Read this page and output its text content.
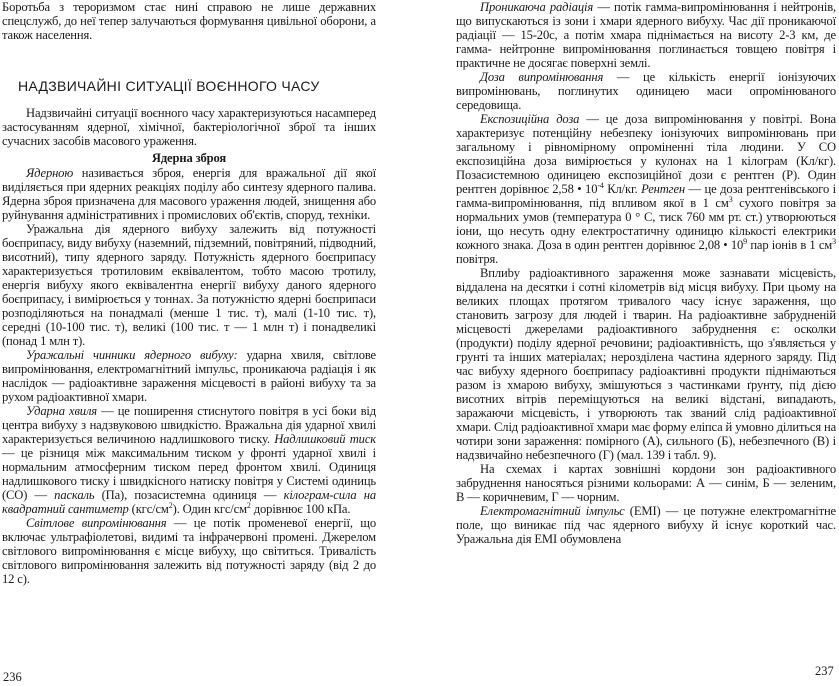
Боротьба з тероризмом стає нині справою не лише державних спецслужб, до неї тепер залучаються формування цивільної оборони, а також населення.

НАДЗВИЧАЙНІ СИТУАЦІЇ ВОЄННОГО ЧАСУ

Надзвичайні ситуації воєнного часу характеризуються насамперед застосуванням ядерної, хімічної, бактеріологічної зброї та інших сучасних засобів масового ураження.

Ядерна зброя

Ядерною називається зброя, енергія для вражальної дії якої виділяється при ядерних реакціях поділу або синтезу ядерного палива. Ядерна зброя призначена для масового ураження людей, знищення або руйнування адміністративних і промислових об'єктів, споруд, техніки.

Уражальна дія ядерного вибуху залежить від потужності боєприпасу, виду вибуху (наземний, підземний, повітряний, підводний, висотний), типу ядерного заряду. Потужність ядерного боєприпасу характеризується тротиловим еквівалентом, тобто масою тротилу, енергія вибуху якого еквівалентна енергії вибуху даного ядерного боєприпасу, і вимірюється у тоннах. За потужністю ядерні боєприпаси розподіляються на понадмалі (менше 1 тис. т), малі (1-10 тис. т), середні (10-100 тис. т), великі (100 тис. т — 1 млн т) і понадвеликі (понад 1 млн т).

Уражальні чинники ядерного вибуху: ударна хвиля, світлове випромінювання, електромагнітний імпульс, проникаюча радіація і як наслідок — радіоактивне зараження місцевості в районі вибуху та за рухом радіоактивної хмари.

Ударна хвиля — це поширення стиснутого повітря в усі боки від центра вибуху з надзвуковою швидкістю. Вражальна дія ударної хвилі характеризується величиною надлишкового тиску. Надлишковий тиск — це різниця між максимальним тиском у фронті ударної хвилі і нормальним атмосферним тиском перед фронтом хвилі. Одиниця надлишкового тиску і швидкісного натиску повітря у Системі одиниць (СО) — паскаль (Па), позасистемна одиниця — кілограм-сила на квадратний сантиметр $(кгс/см^2)$. Один кгс/$см^2$ дорівнює 100 кПа.

Світлове випромінювання — це потік променевої енергії, що включає ультрафіолетові, видимі та інфрачервоні промені. Джерелом світлового випромінювання є місце вибуху, що світиться. Тривалість світлового випромінювання залежить від потужності заряду (від 2 до 12 с).

Проникаюча радіація — потік гамма-випромінювання і нейтронів, що випускаються із зони і хмари ядерного вибуху. Час дії проникаючої радіації — 15-20с, а потім хмара піднімається на висоту 2-3 км, де гамма- нейтронне випромінювання поглинається товщею повітря і практичне не досягає поверхні землі.

Доза випромінювання — це кількість енергії іонізуючих випромінювань, поглинутих одиницею маси опромінюваного середовища.

Експозиційна доза — це доза випромінювання у повітрі. Вона характеризує потенційну небезпеку іонізуючих випромінювань при загальному і рівномірному опроміненні тіла людини. У СО експозиційна доза вимірюється у кулонах на 1 кілограм (Кл/кг). Позасистемною одиницею експозиційної дози є рентген (Р). Один рентген дорівнює 2,58 • $10^{-4}$ Кл/кг. Рентген — це доза рентгенівського і гамма-випромінювання, під впливом якої в 1 $см^3$ сухого повітря за нормальних умов (температура 0 ° С, тиск 760 мм рт. ст.) утворюються іони, що несуть одну електростатичну одиницю кількості електрики кожного знака. Доза в один рентген дорівнює 2,08 • $10^9$ пар іонів в 1 $см^3$ повітря.

Вплиbу радіоактивного зараження може зазнавати місцевість, віддалена на десятки і сотні кілометрів від місця вибуху. При цьому на великих площах протягом тривалого часу існує зараження, що становить загрозу для людей і тварин. На радіоактивне забрудненій місцевості джерелами радіоактивного забруднення є: осколки (продукти) поділу ядерної речовини; радіоактивність, що з'являється у грунті та інших матеріалах; нерозділена частина ядерного заряду. Під час вибуху ядерного боєприпасу радіоактивні продукти піднімаються разом із хмарою вибуху, змішуються з частинками ґрунту, під дією висотних вітрів переміщуються на великі відстані, випадають, заражаючи місцевість, і утворюють так званий слід радіоактивної хмари. Слід радіоактивної хмари має форму еліпса й умовно ділиться на чотири зони зараження: помірного (А), сильного (Б), небезпечного (В) і надзвичайно небезпечного (Г) (мал. 139 і табл. 9).

На схемах і картах зовнішні кордони зон радіоактивного забруднення наносяться різними кольорами: А — синім, Б — зеленим, В — коричневим, Г — чорним.

Електромагнітний імпульс (ЕМІ) — це потужне електромагнітне поле, що виникає під час ядерного вибуху й існує короткий час. Уражальна дія ЕМІ обумовлена

236	237
